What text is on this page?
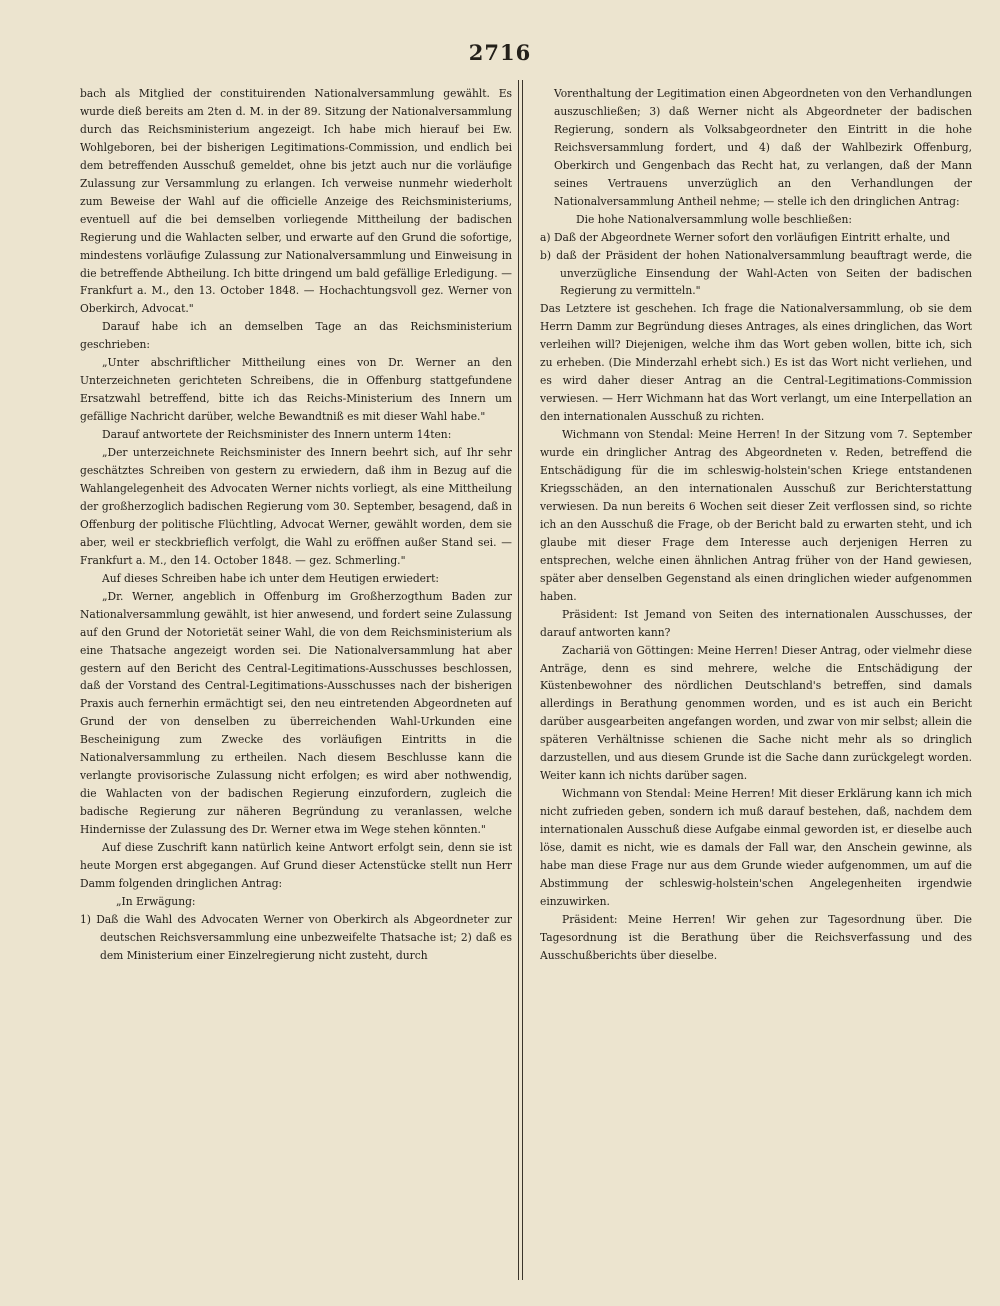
2716

bach als Mitglied der constituirenden Nationalversammlung gewählt. Es wurde dieß bereits am 2ten d. M. in der 89. Sitzung der Nationalversammlung durch das Reichsministerium angezeigt. Ich habe mich hierauf bei Ew. Wohlgeboren, bei der bisherigen Legitimations-Commission, und endlich bei dem betreffenden Ausschuß gemeldet, ohne bis jetzt auch nur die vorläufige Zulassung zur Versammlung zu erlangen. Ich verweise nunmehr wiederholt zum Beweise der Wahl auf die officielle Anzeige des Reichsministeriums, eventuell auf die bei demselben vorliegende Mittheilung der badischen Regierung und die Wahlacten selber, und erwarte auf den Grund die sofortige, mindestens vorläufige Zulassung zur Nationalversammlung und Einweisung in die betreffende Abtheilung. Ich bitte dringend um bald gefällige Erledigung. — Frankfurt a. M., den 13. October 1848. — Hochachtungsvoll gez. Werner von Oberkirch, Advocat."

Darauf habe ich an demselben Tage an das Reichsministerium geschrieben:

„Unter abschriftlicher Mittheilung eines von Dr. Werner an den Unterzeichneten gerichteten Schreibens, die in Offenburg stattgefundene Ersatzwahl betreffend, bitte ich das Reichs-Ministerium des Innern um gefällige Nachricht darüber, welche Bewandtniß es mit dieser Wahl habe."

Darauf antwortete der Reichsminister des Innern unterm 14ten:

„Der unterzeichnete Reichsminister des Innern beehrt sich, auf Ihr sehr geschätztes Schreiben von gestern zu erwiedern, daß ihm in Bezug auf die Wahlangelegenheit des Advocaten Werner nichts vorliegt, als eine Mittheilung der großherzoglich badischen Regierung vom 30. September, besagend, daß in Offenburg der politische Flüchtling, Advocat Werner, gewählt worden, dem sie aber, weil er steckbrieflich verfolgt, die Wahl zu eröffnen außer Stand sei. — Frankfurt a. M., den 14. October 1848. — gez. Schmerling."

Auf dieses Schreiben habe ich unter dem Heutigen erwiedert:

„Dr. Werner, angeblich in Offenburg im Großherzogthum Baden zur Nationalversammlung gewählt, ist hier anwesend, und fordert seine Zulassung auf den Grund der Notorietät seiner Wahl, die von dem Reichsministerium als eine Thatsache angezeigt worden sei. Die Nationalversammlung hat aber gestern auf den Bericht des Central-Legitimations-Ausschusses beschlossen, daß der Vorstand des Central-Legitimations-Ausschusses nach der bisherigen Praxis auch fernerhin ermächtigt sei, den neu eintretenden Abgeordneten auf Grund der von denselben zu überreichenden Wahl-Urkunden eine Bescheinigung zum Zwecke des vorläufigen Eintritts in die Nationalversammlung zu ertheilen. Nach diesem Beschlusse kann die verlangte provisorische Zulassung nicht erfolgen; es wird aber nothwendig, die Wahlacten von der badischen Regierung einzufordern, zugleich die badische Regierung zur näheren Begründung zu veranlassen, welche Hindernisse der Zulassung des Dr. Werner etwa im Wege stehen könnten."

Auf diese Zuschrift kann natürlich keine Antwort erfolgt sein, denn sie ist heute Morgen erst abgegangen. Auf Grund dieser Actenstücke stellt nun Herr Damm folgenden dringlichen Antrag:

„In Erwägung:

1) Daß die Wahl des Advocaten Werner von Oberkirch als Abgeordneter zur deutschen Reichsversammlung eine unbezweifelte Thatsache ist; 2) daß es dem Ministerium einer Einzelregierung nicht zusteht, durch

Vorenthaltung der Legitimation einen Abgeordneten von den Verhandlungen auszuschließen; 3) daß Werner nicht als Abgeordneter der badischen Regierung, sondern als Volksabgeordneter den Eintritt in die hohe Reichsversammlung fordert, und 4) daß der Wahlbezirk Offenburg, Oberkirch und Gengenbach das Recht hat, zu verlangen, daß der Mann seines Vertrauens unverzüglich an den Verhandlungen der Nationalversammlung Antheil nehme; — stelle ich den dringlichen Antrag:

Die hohe Nationalversammlung wolle beschließen:

a) Daß der Abgeordnete Werner sofort den vorläufigen Eintritt erhalte, und

b) daß der Präsident der hohen Nationalversammlung beauftragt werde, die unverzügliche Einsendung der Wahl-Acten von Seiten der badischen Regierung zu vermitteln."

Das Letztere ist geschehen. Ich frage die Nationalversammlung, ob sie dem Herrn Damm zur Begründung dieses Antrages, als eines dringlichen, das Wort verleihen will? Diejenigen, welche ihm das Wort geben wollen, bitte ich, sich zu erheben. (Die Minderzahl erhebt sich.) Es ist das Wort nicht verliehen, und es wird daher dieser Antrag an die Central-Legitimations-Commission verwiesen. — Herr Wichmann hat das Wort verlangt, um eine Interpellation an den internationalen Ausschuß zu richten.

Wichmann von Stendal: Meine Herren! In der Sitzung vom 7. September wurde ein dringlicher Antrag des Abgeordneten v. Reden, betreffend die Entschädigung für die im schleswig-holstein'schen Kriege entstandenen Kriegsschäden, an den internationalen Ausschuß zur Berichterstattung verwiesen. Da nun bereits 6 Wochen seit dieser Zeit verflossen sind, so richte ich an den Ausschuß die Frage, ob der Bericht bald zu erwarten steht, und ich glaube mit dieser Frage dem Interesse auch derjenigen Herren zu entsprechen, welche einen ähnlichen Antrag früher von der Hand gewiesen, später aber denselben Gegenstand als einen dringlichen wieder aufgenommen haben.

Präsident: Ist Jemand von Seiten des internationalen Ausschusses, der darauf antworten kann?

Zachariä von Göttingen: Meine Herren! Dieser Antrag, oder vielmehr diese Anträge, denn es sind mehrere, welche die Entschädigung der Küstenbewohner des nördlichen Deutschland's betreffen, sind damals allerdings in Berathung genommen worden, und es ist auch ein Bericht darüber ausgearbeiten angefangen worden, und zwar von mir selbst; allein die späteren Verhältnisse schienen die Sache nicht mehr als so dringlich darzustellen, und aus diesem Grunde ist die Sache dann zurückgelegt worden. Weiter kann ich nichts darüber sagen.

Wichmann von Stendal: Meine Herren! Mit dieser Erklärung kann ich mich nicht zufrieden geben, sondern ich muß darauf bestehen, daß, nachdem dem internationalen Ausschuß diese Aufgabe einmal geworden ist, er dieselbe auch löse, damit es nicht, wie es damals der Fall war, den Anschein gewinne, als habe man diese Frage nur aus dem Grunde wieder aufgenommen, um auf die Abstimmung der schleswig-holstein'schen Angelegenheiten irgendwie einzuwirken.

Präsident: Meine Herren! Wir gehen zur Tagesordnung über. Die Tagesordnung ist die Berathung über die Reichsverfassung und des Ausschußberichts über dieselbe.
